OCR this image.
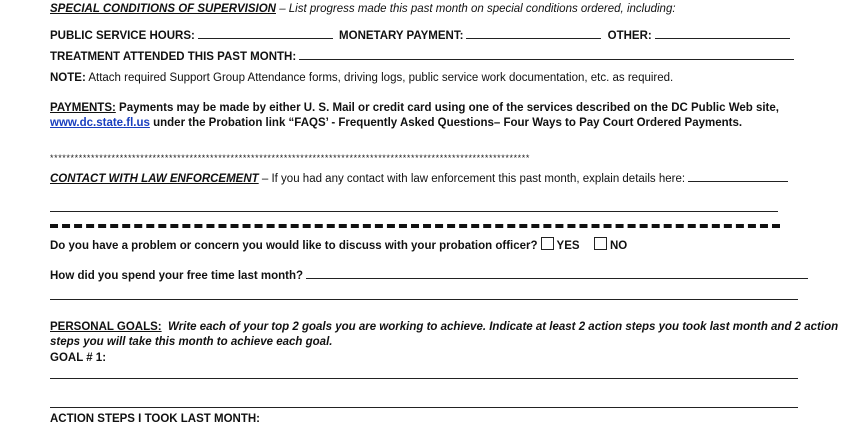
SPECIAL CONDITIONS OF SUPERVISION – List progress made this past month on special conditions ordered, including:
PUBLIC SERVICE HOURS:	MONETARY PAYMENT:	OTHER:
TREATMENT ATTENDED THIS PAST MONTH:
NOTE: Attach required Support Group Attendance forms, driving logs, public service work documentation, etc. as required.
PAYMENTS: Payments may be made by either U. S. Mail or credit card using one of the services described on the DC Public Web site,
www.dc.state.fl.us under the Probation link “FAQS’ - Frequently Asked Questions– Four Ways to Pay Court Ordered Payments.
*********************************************************************************************************************
CONTACT WITH LAW ENFORCEMENT – If you had any contact with law enforcement this past month, explain details here:
Do you have a problem or concern you would like to discuss with your probation officer? YES	NO
How did you spend your free time last month?
PERSONAL GOALS: Write each of your top 2 goals you are working to achieve. Indicate at least 2 action steps you took last month and 2 action
steps you will take this month to achieve each goal.
GOAL # 1:
ACTION STEPS I TOOK LAST MONTH:
